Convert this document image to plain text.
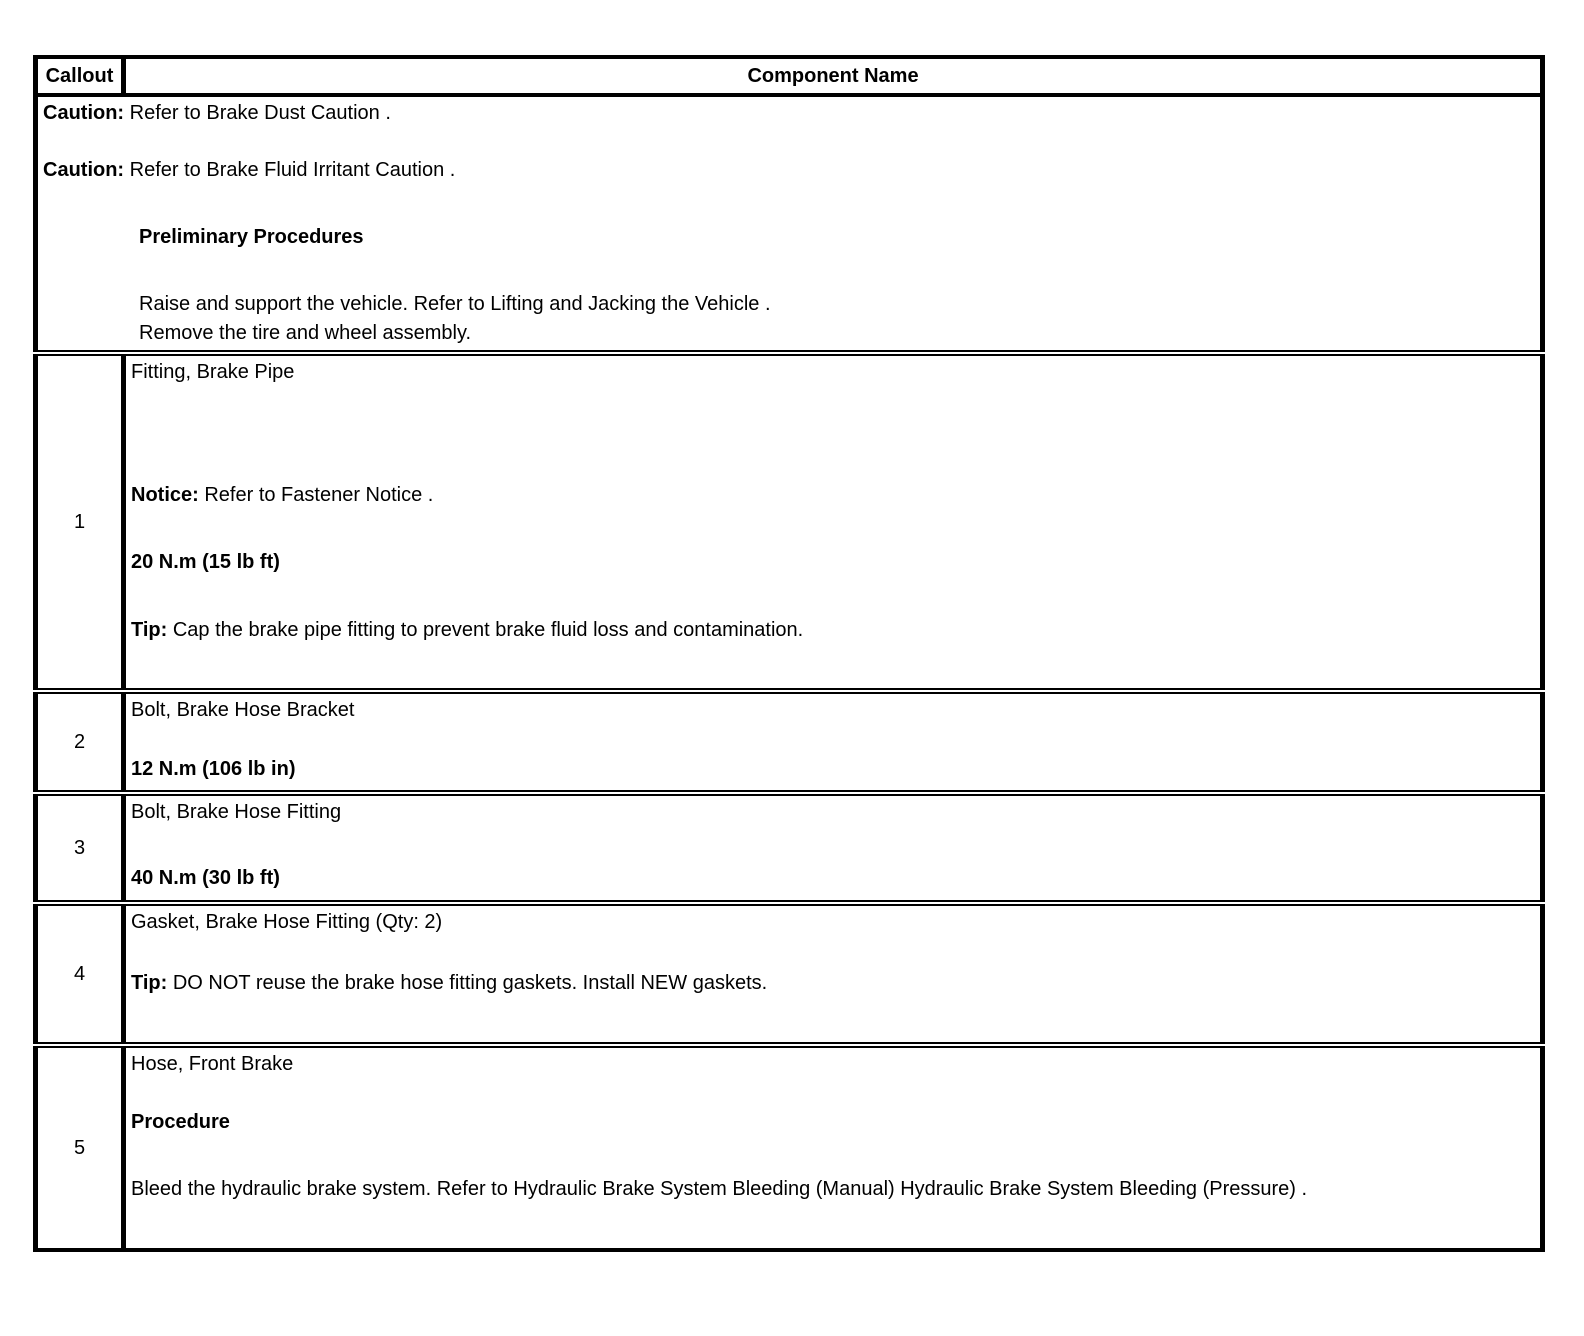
Callout	Component Name

Caution: Refer to Brake Dust Caution .

Caution: Refer to Brake Fluid Irritant Caution .

Preliminary Procedures

Raise and support the vehicle. Refer to Lifting and Jacking the Vehicle .

Remove the tire and wheel assembly.	

1	Fitting, Brake Pipe

Notice: Refer to Fastener Notice .

20 N.m (15 lb ft)

Tip: Cap the brake pipe fitting to prevent brake fluid loss and contamination.

2	Bolt, Brake Hose Bracket

12 N.m (106 lb in)

3	Bolt, Brake Hose Fitting

40 N.m (30 lb ft)

4	Gasket, Brake Hose Fitting (Qty: 2)

Tip: DO NOT reuse the brake hose fitting gaskets. Install NEW gaskets.

5	Hose, Front Brake

Procedure

Bleed the hydraulic brake system. Refer to Hydraulic Brake System Bleeding (Manual) Hydraulic Brake System Bleeding (Pressure) .
